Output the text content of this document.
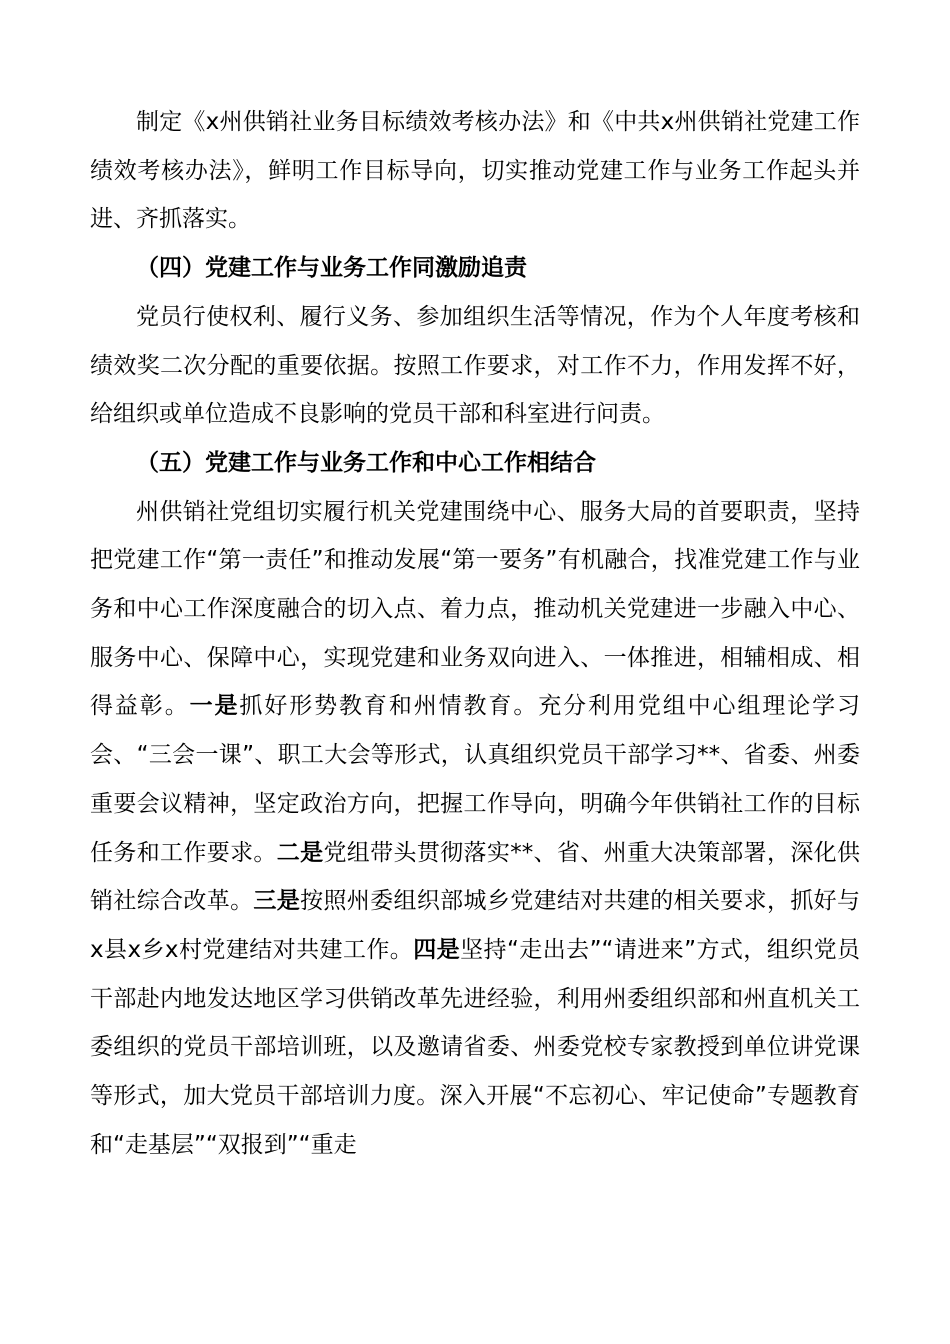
制定《x州供销社业务目标绩效考核办法》和《中共x州供销社党建工作绩效考核办法》，鲜明工作目标导向，切实推动党建工作与业务工作起头并进、齐抓落实。

（四）党建工作与业务工作同激励追责

党员行使权利、履行义务、参加组织生活等情况，作为个人年度考核和绩效奖二次分配的重要依据。按照工作要求，对工作不力，作用发挥不好，给组织或单位造成不良影响的党员干部和科室进行问责。

（五）党建工作与业务工作和中心工作相结合

州供销社党组切实履行机关党建围绕中心、服务大局的首要职责，坚持把党建工作“第一责任”和推动发展“第一要务”有机融合，找准党建工作与业务和中心工作深度融合的切入点、着力点，推动机关党建进一步融入中心、服务中心、保障中心，实现党建和业务双向进入、一体推进，相辅相成、相得益彰。一是抓好形势教育和州情教育。充分利用党组中心组理论学习会、“三会一课”、职工大会等形式，认真组织党员干部学习**、省委、州委重要会议精神，坚定政治方向，把握工作导向，明确今年供销社工作的目标任务和工作要求。二是党组带头贯彻落实**、省、州重大决策部署，深化供销社综合改革。三是按照州委组织部城乡党建结对共建的相关要求，抓好与x县x乡x村党建结对共建工作。四是坚持“走出去”“请进来”方式，组织党员干部赴内地发达地区学习供销改革先进经验，利用州委组织部和州直机关工委组织的党员干部培训班，以及邀请省委、州委党校专家教授到单位讲党课等形式，加大党员干部培训力度。深入开展“不忘初心、牢记使命”专题教育和“走基层”“双报到”“重走
